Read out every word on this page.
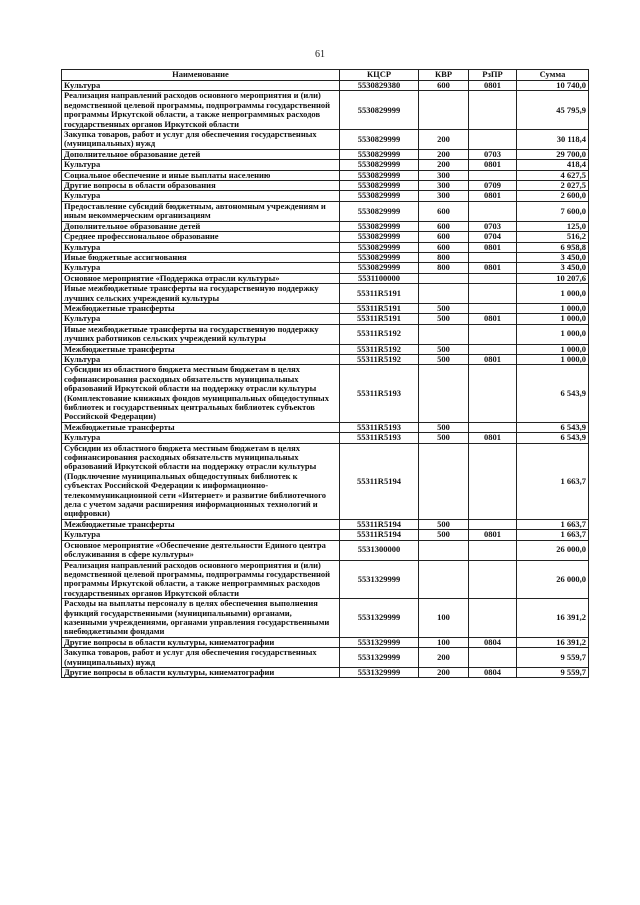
61
Наименование	КЦСР	КВР	РзПР	Сумма
Культура	5530829380	600	0801	10 740,0
Реализация направлений расходов основного мероприятия и (или) ведомственной целевой программы, подпрограммы государственной программы Иркутской области, а также непрограммных расходов государственных органов Иркутской области	5530829999			45 795,9
Закупка товаров, работ и услуг для обеспечения государственных (муниципальных) нужд	5530829999	200		30 118,4
Дополнительное образование детей	5530829999	200	0703	29 700,0
Культура	5530829999	200	0801	418,4
Социальное обеспечение и иные выплаты населению	5530829999	300		4 627,5
Другие вопросы в области образования	5530829999	300	0709	2 027,5
Культура	5530829999	300	0801	2 600,0
Предоставление субсидий бюджетным, автономным учреждениям и иным некоммерческим организациям	5530829999	600		7 600,0
Дополнительное образование детей	5530829999	600	0703	125,0
Среднее профессиональное образование	5530829999	600	0704	516,2
Культура	5530829999	600	0801	6 958,8
Иные бюджетные ассигнования	5530829999	800		3 450,0
Культура	5530829999	800	0801	3 450,0
Основное мероприятие «Поддержка отрасли культуры»	5531100000			10 207,6
Иные межбюджетные трансферты на государственную поддержку лучших сельских учреждений культуры	55311R5191			1 000,0
Межбюджетные трансферты	55311R5191	500		1 000,0
Культура	55311R5191	500	0801	1 000,0
Иные межбюджетные трансферты на государственную поддержку лучших работников сельских учреждений культуры	55311R5192			1 000,0
Межбюджетные трансферты	55311R5192	500		1 000,0
Культура	55311R5192	500	0801	1 000,0
Субсидии из областного бюджета местным бюджетам в целях софинансирования расходных обязательств муниципальных образований Иркутской области на поддержку отрасли культуры (Комплектование книжных фондов муниципальных общедоступных библиотек и государственных центральных библиотек субъектов Российской Федерации)	55311R5193			6 543,9
Межбюджетные трансферты	55311R5193	500		6 543,9
Культура	55311R5193	500	0801	6 543,9
Субсидии из областного бюджета местным бюджетам в целях софинансирования расходных обязательств муниципальных образований Иркутской области на поддержку отрасли культуры (Подключение муниципальных общедоступных библиотек к субъектах Российской Федерации к информационно-телекоммуникационной сети «Интернет» и развитие библиотечного дела с учетом задачи расширения информационных технологий и оцифровки)	55311R5194			1 663,7
Межбюджетные трансферты	55311R5194	500		1 663,7
Культура	55311R5194	500	0801	1 663,7
Основное мероприятие «Обеспечение деятельности Единого центра обслуживания в сфере культуры»	5531300000			26 000,0
Реализация направлений расходов основного мероприятия и (или) ведомственной целевой программы, подпрограммы государственной программы Иркутской области, а также непрограммных расходов государственных органов Иркутской области	5531329999			26 000,0
Расходы на выплаты персоналу в целях обеспечения выполнения функций государственными (муниципальными) органами, казенными учреждениями, органами управления государственными внебюджетными фондами	5531329999	100		16 391,2
Другие вопросы в области культуры, кинематографии	5531329999	100	0804	16 391,2
Закупка товаров, работ и услуг для обеспечения государственных (муниципальных) нужд	5531329999	200		9 559,7
Другие вопросы в области культуры, кинематографии	5531329999	200	0804	9 559,7
